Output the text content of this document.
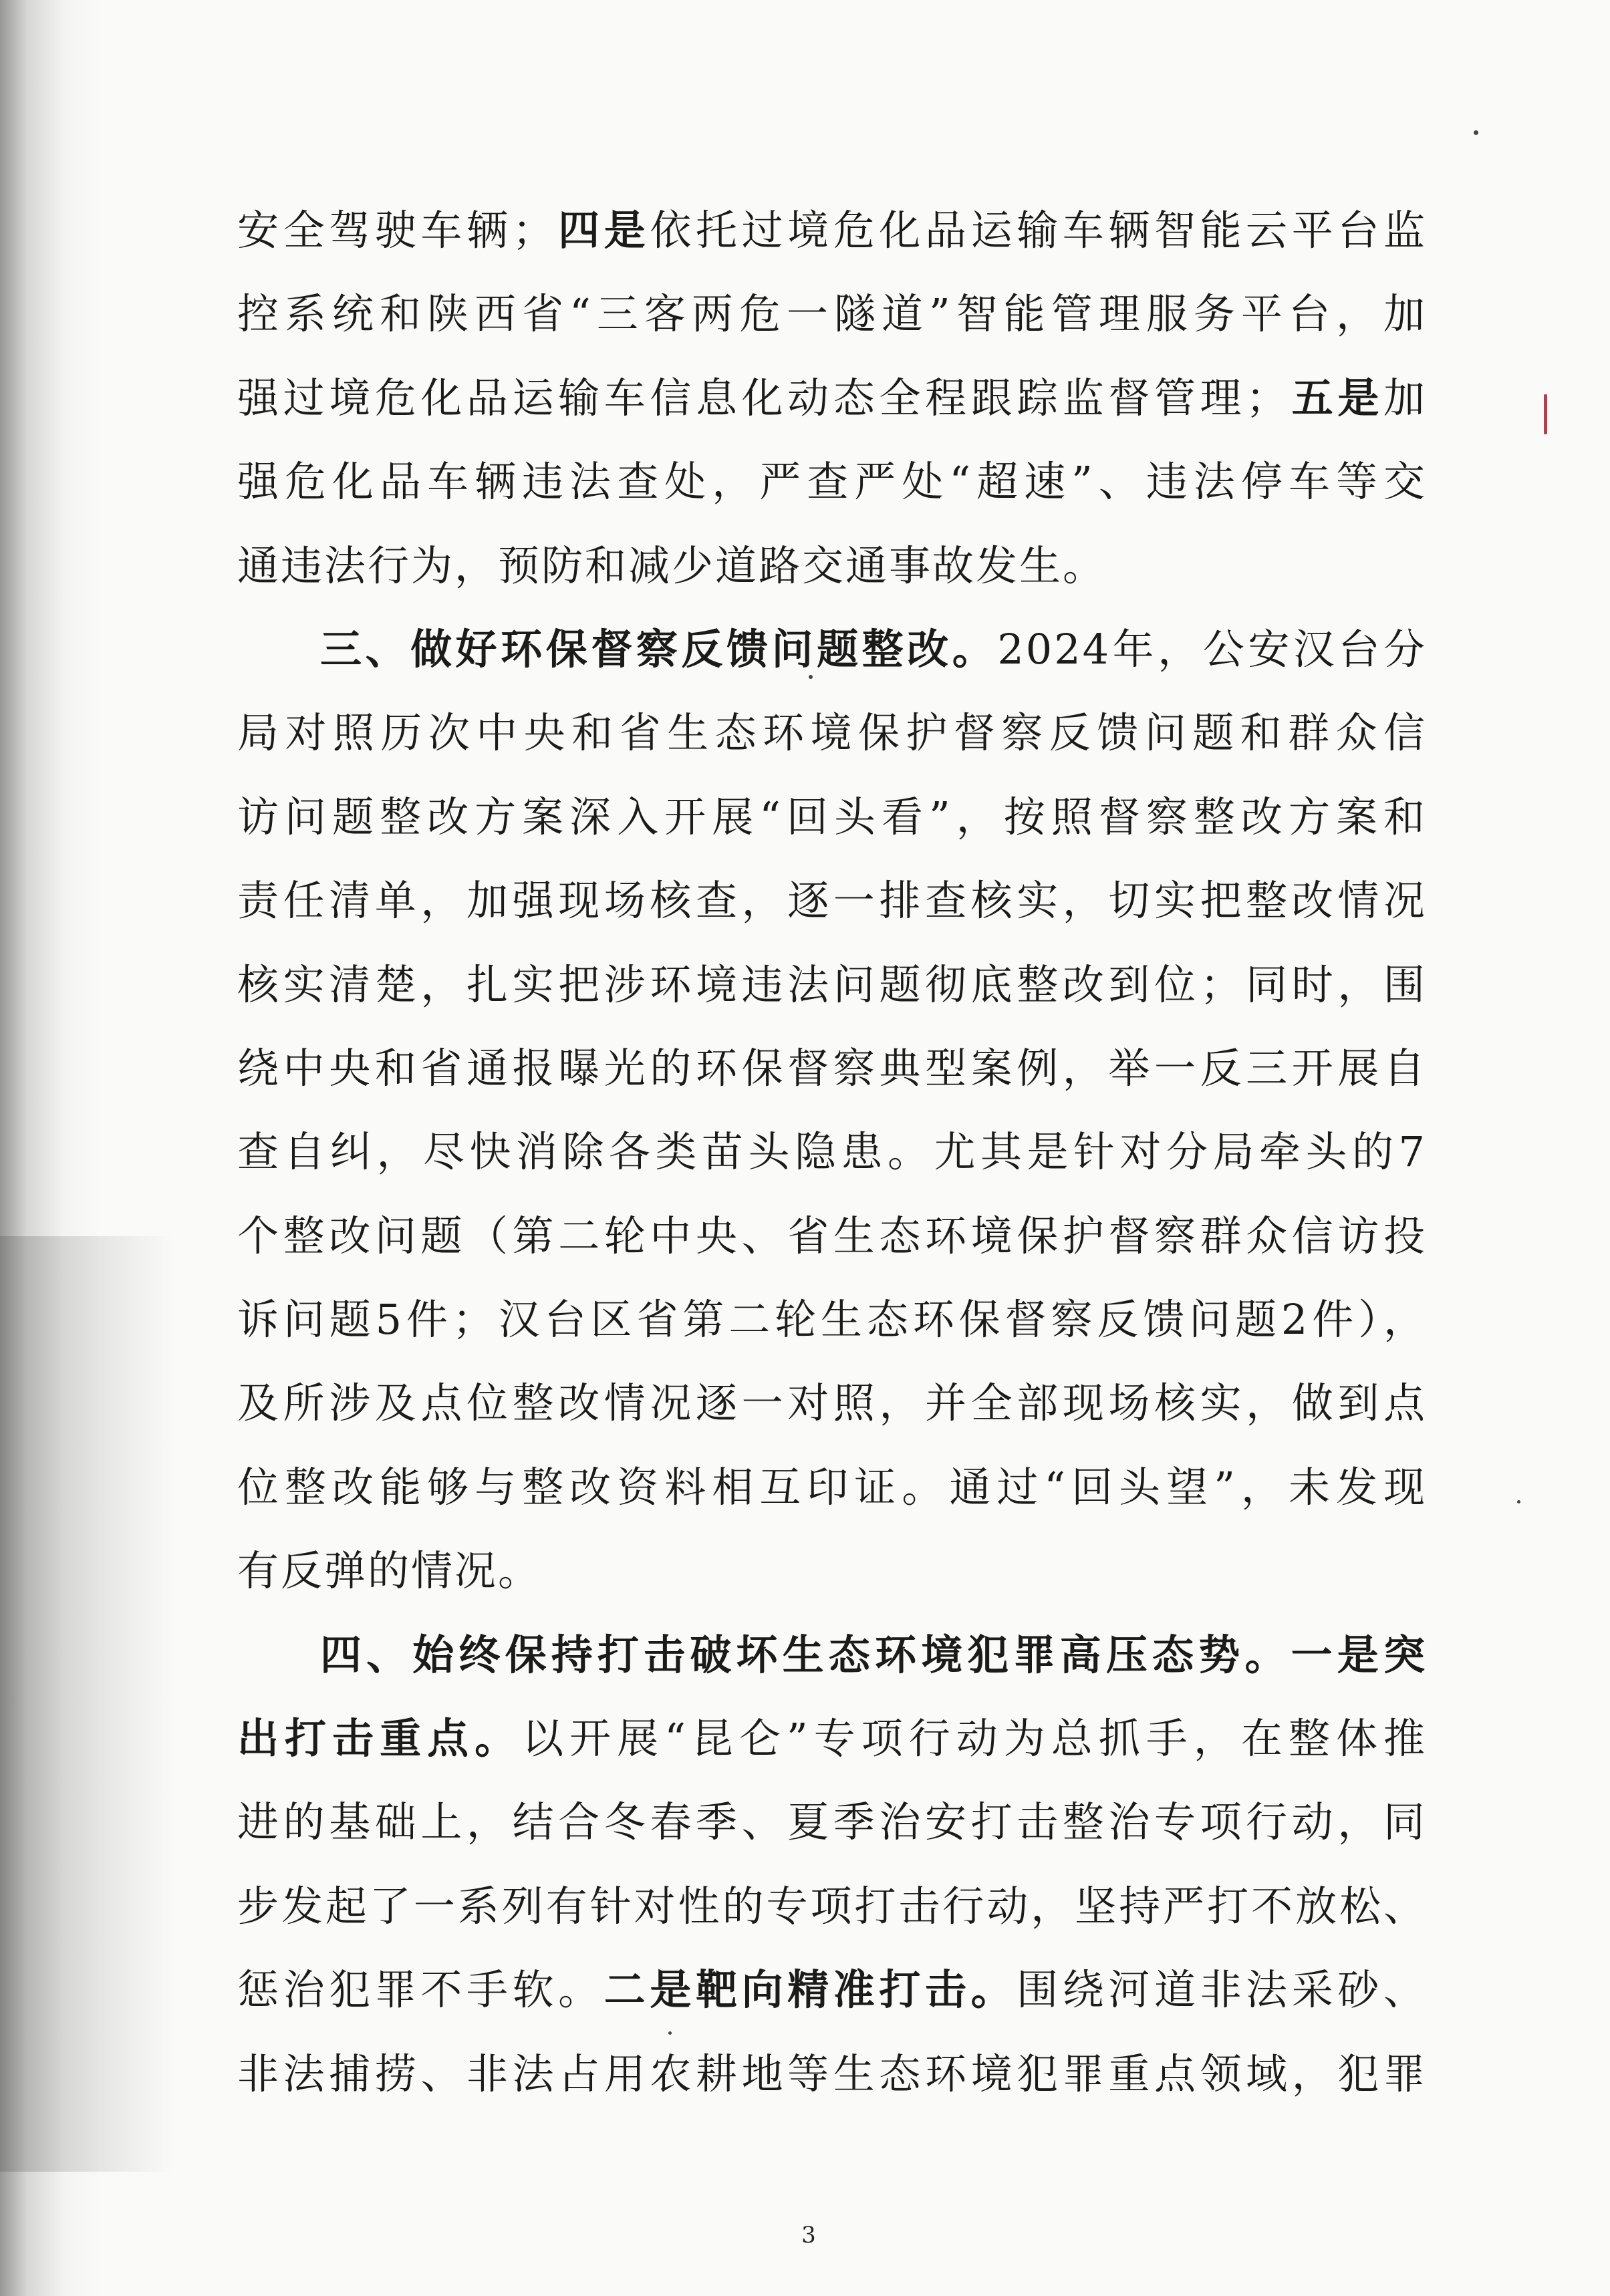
安全驾驶车辆；四是依托过境危化品运输车辆智能云平台监
控系统和陕西省“三客两危一隧道”智能管理服务平台，加
强过境危化品运输车信息化动态全程跟踪监督管理；五是加
强危化品车辆违法查处，严查严处“超速”、违法停车等交
通违法行为，预防和减少道路交通事故发生。
三、做好环保督察反馈问题整改。2024年，公安汉台分
局对照历次中央和省生态环境保护督察反馈问题和群众信
访问题整改方案深入开展“回头看”，按照督察整改方案和
责任清单，加强现场核查，逐一排查核实，切实把整改情况
核实清楚，扎实把涉环境违法问题彻底整改到位；同时，围
绕中央和省通报曝光的环保督察典型案例，举一反三开展自
查自纠，尽快消除各类苗头隐患。尤其是针对分局牵头的7
个整改问题（第二轮中央、省生态环境保护督察群众信访投
诉问题5件；汉台区省第二轮生态环保督察反馈问题2件），
及所涉及点位整改情况逐一对照，并全部现场核实，做到点
位整改能够与整改资料相互印证。通过“回头望”，未发现
有反弹的情况。
四、始终保持打击破坏生态环境犯罪高压态势。一是突
出打击重点。以开展“昆仑”专项行动为总抓手，在整体推
进的基础上，结合冬春季、夏季治安打击整治专项行动，同
步发起了一系列有针对性的专项打击行动，坚持严打不放松、
惩治犯罪不手软。二是靶向精准打击。围绕河道非法采砂、
非法捕捞、非法占用农耕地等生态环境犯罪重点领域，犯罪
3
